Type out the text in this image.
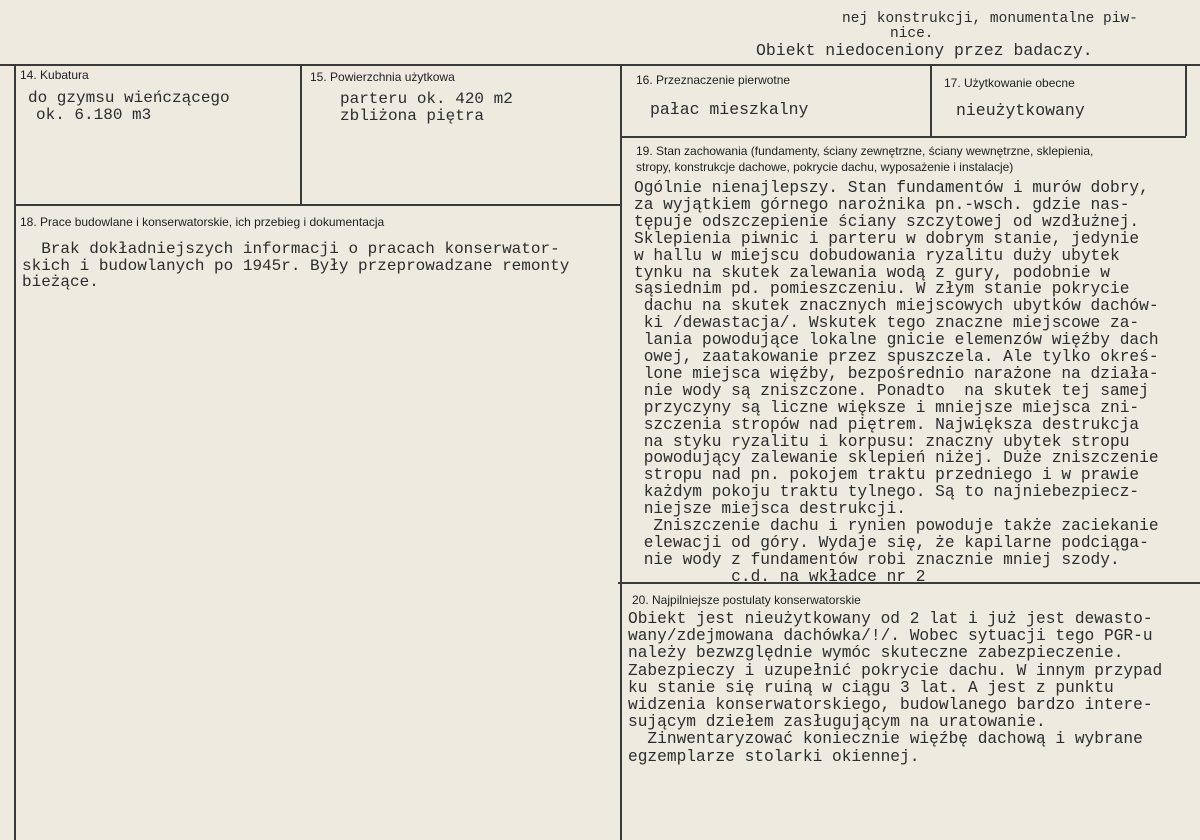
nej konstrukcji, monumentalne piw-
nice.
Obiekt niedoceniony przez badaczy.
14. Kubatura
do gzymsu wieńczącego
ok. 6.180 m3
15. Powierzchnia użytkowa
parteru ok. 420 m2
zbliżona piętra
16. Przeznaczenie pierwotne
pałac mieszkalny
17. Użytkowanie obecne
nieużytkowany
18. Prace budowlane i konserwatorskie, ich przebieg i dokumentacja
Brak dokładniejszych informacji o pracach konserwator-
skich i budowlanych po 1945r. Były przeprowadzane remonty
bieżące.
19. Stan zachowania (fundamenty, ściany zewnętrzne, ściany wewnętrzne, sklepienia,
stropy, konstrukcje dachowe, pokrycie dachu, wyposażenie i instalacje)
Ogólnie nienajlepszy. Stan fundamentów i murów dobry,
za wyjątkiem górnego narożnika pn.-wsch. gdzie nas-
tępuje odszczepienie ściany szczytowej od wzdłużnej.
Sklepienia piwnic i parteru w dobrym stanie, jedynie
w hallu w miejscu dobudowania ryzalitu duży ubytek
tynku na skutek zalewania wodą z gury, podobnie w
sąsiednim pd. pomieszczeniu. W złym stanie pokrycie
dachu na skutek znacznych miejscowych ubytków dachów-
ki /dewastacja/. Wskutek tego znaczne miejscowe za-
lania powodujące lokalne gnicie elemenzów więźby dach
owej, zaatakowanie przez spuszczela. Ale tylko okreś-
lone miejsca więźby, bezpośrednio narażone na działa-
nie wody są zniszczone. Ponadto  na skutek tej samej
przyczyny są liczne większe i mniejsze miejsca zni-
szczenia stropów nad piętrem. Największa destrukcja
na styku ryzalitu i korpusu: znaczny ubytek stropu
powodujący zalewanie sklepień niżej. Duże zniszczenie
stropu nad pn. pokojem traktu przedniego i w prawie
każdym pokoju traktu tylnego. Są to najniebezpiecz-
niejsze miejsca destrukcji.
Zniszczenie dachu i rynien powoduje także zaciekanie
elewacji od góry. Wydaje się, że kapilarne podciąga-
nie wody z fundamentów robi znacznie mniej szody.
c.d. na wkładce nr 2
20. Najpilniejsze postulaty konserwatorskie
Obiekt jest nieużytkowany od 2 lat i już jest dewasto-
wany/zdejmowana dachówka/!/. Wobec sytuacji tego PGR-u
należy bezwzględnie wymóc skuteczne zabezpieczenie.
Zabezpieczy i uzupełnić pokrycie dachu. W innym przypad
ku stanie się ruiną w ciągu 3 lat. A jest z punktu
widzenia konserwatorskiego, budowlanego bardzo intere-
sującym dziełem zasługującym na uratowanie.
Zinwentaryzować koniecznie więźbę dachową i wybrane
egzemplarze stolarki okiennej.
